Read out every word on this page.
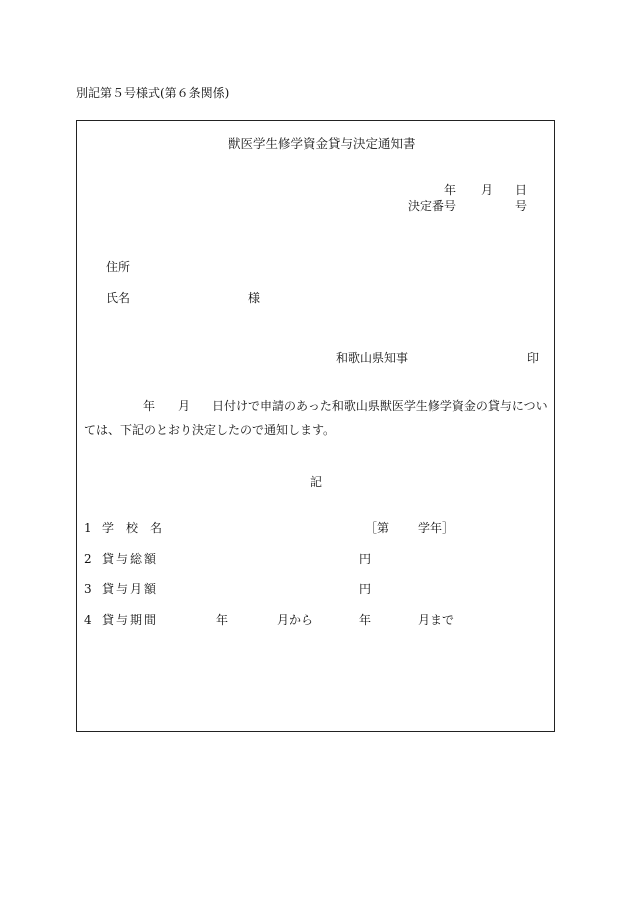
別記第５号様式(第６条関係)
獣医学生修学資金貸与決定通知書
年 月 日
決定番号	号
住所
氏名	様
和歌山県知事	印
年 月 日付けで申請のあった和歌山県獣医学生修学資金の貸与につい
ては、下記のとおり決定したので通知します。
記
1 学　校　名	［第 学年］
2 貸与総額	円
3 貸与月額	円
4 貸与期間	年	月から	年	月まで
